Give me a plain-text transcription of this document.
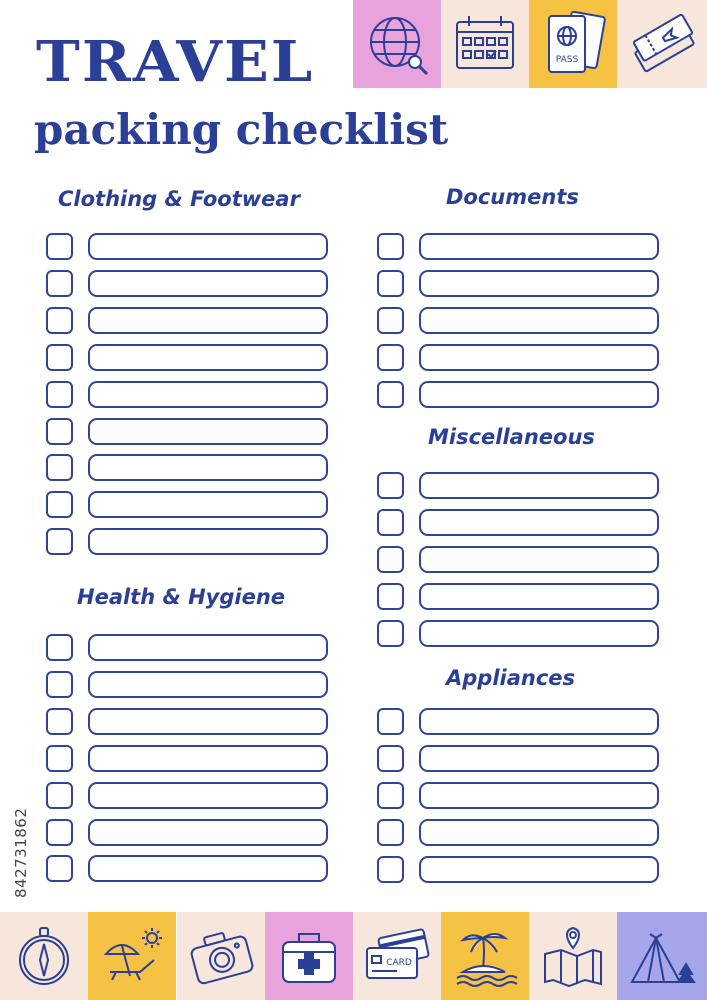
PASS
TRAVEL
packing checklist
Clothing & Footwear
Health & Hygiene
Documents
Miscellaneous
Appliances
842731862
CARD
